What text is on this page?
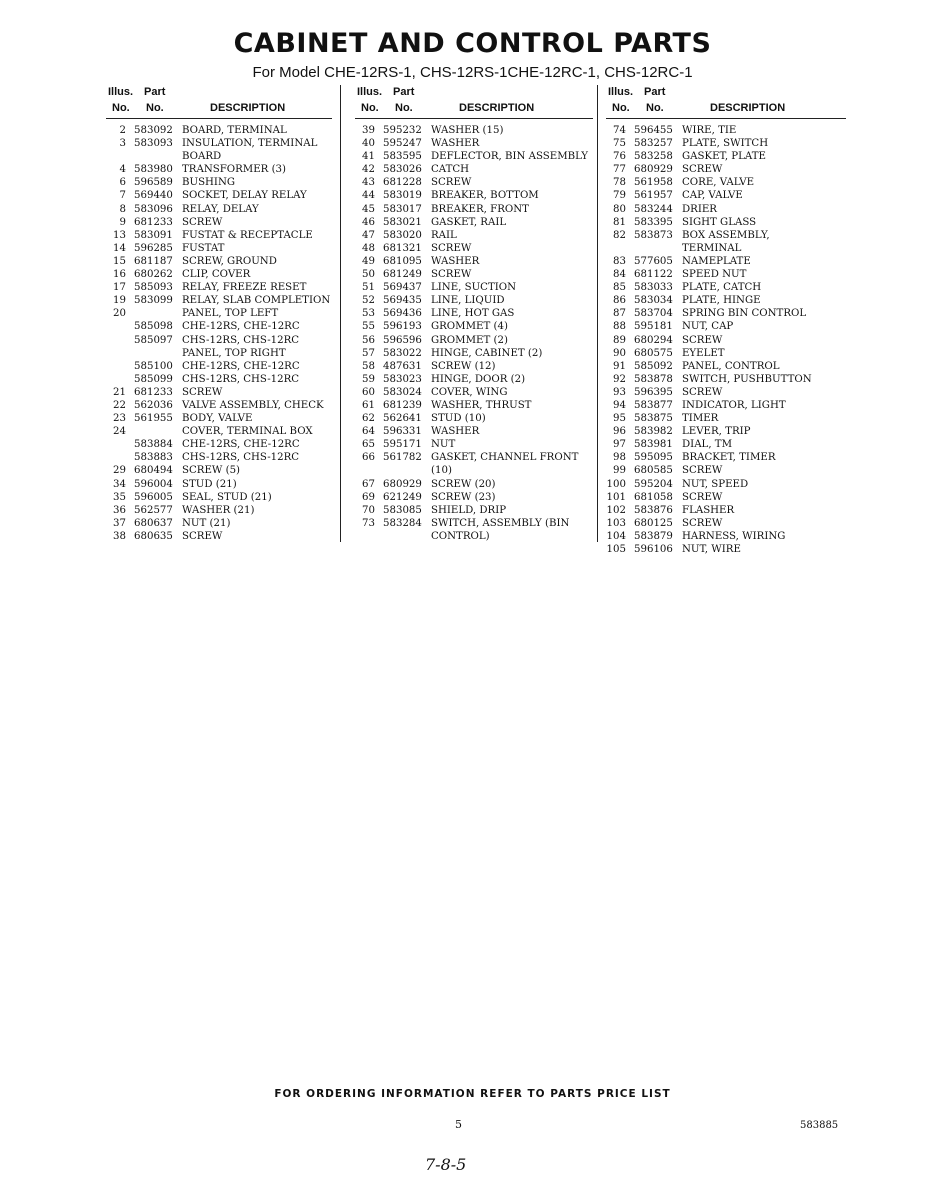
CABINET AND CONTROL PARTS
For Model CHE-12RS-1, CHS-12RS-1CHE-12RC-1, CHS-12RC-1
Illus. Part
No. No.	DESCRIPTION
2 583092 BOARD, TERMINAL
3 583093 INSULATION, TERMINAL
BOARD
4 583980 TRANSFORMER (3)
6 596589 BUSHING
7 569440 SOCKET, DELAY RELAY
8 583096 RELAY, DELAY
9 681233 SCREW
13 583091 FUSTAT & RECEPTACLE
14 596285 FUSTAT
15 681187 SCREW, GROUND
16 680262 CLIP, COVER
17 585093 RELAY, FREEZE RESET
19 583099 RELAY, SLAB COMPLETION
20	PANEL, TOP LEFT
585098 CHE-12RS, CHE-12RC
585097 CHS-12RS, CHS-12RC
PANEL, TOP RIGHT
585100 CHE-12RS, CHE-12RC
585099 CHS-12RS, CHS-12RC
21 681233 SCREW
22 562036 VALVE ASSEMBLY, CHECK
23 561955 BODY, VALVE
24	COVER, TERMINAL BOX
583884 CHE-12RS, CHE-12RC
583883 CHS-12RS, CHS-12RC
29 680494 SCREW (5)
34 596004 STUD (21)
35 596005 SEAL, STUD (21)
36 562577 WASHER (21)
37 680637 NUT (21)
38 680635 SCREW
Illus. Part
No. No.	DESCRIPTION
39 595232 WASHER (15)
40 595247 WASHER
41 583595 DEFLECTOR, BIN ASSEMBLY
42 583026 CATCH
43 681228 SCREW
44 583019 BREAKER, BOTTOM
45 583017 BREAKER, FRONT
46 583021 GASKET, RAIL
47 583020 RAIL
48 681321 SCREW
49 681095 WASHER
50 681249 SCREW
51 569437 LINE, SUCTION
52 569435 LINE, LIQUID
53 569436 LINE, HOT GAS
55 596193 GROMMET (4)
56 596596 GROMMET (2)
57 583022 HINGE, CABINET (2)
58 487631 SCREW (12)
59 583023 HINGE, DOOR (2)
60 583024 COVER, WING
61 681239 WASHER, THRUST
62 562641 STUD (10)
64 596331 WASHER
65 595171 NUT
66 561782 GASKET, CHANNEL FRONT
(10)
67 680929 SCREW (20)
69 621249 SCREW (23)
70 583085 SHIELD, DRIP
73 583284 SWITCH, ASSEMBLY (BIN
CONTROL)
Illus. Part
No. No.	DESCRIPTION
74 596455 WIRE, TIE
75 583257 PLATE, SWITCH
76 583258 GASKET, PLATE
77 680929 SCREW
78 561958 CORE, VALVE
79 561957 CAP, VALVE
80 583244 DRIER
81 583395 SIGHT GLASS
82 583873 BOX ASSEMBLY,
TERMINAL
83 577605 NAMEPLATE
84 681122 SPEED NUT
85 583033 PLATE, CATCH
86 583034 PLATE, HINGE
87 583704 SPRING BIN CONTROL
88 595181 NUT, CAP
89 680294 SCREW
90 680575 EYELET
91 585092 PANEL, CONTROL
92 583878 SWITCH, PUSHBUTTON
93 596395 SCREW
94 583877 INDICATOR, LIGHT
95 583875 TIMER
96 583982 LEVER, TRIP
97 583981 DIAL, TM
98 595095 BRACKET, TIMER
99 680585 SCREW
100 595204 NUT, SPEED
101 681058 SCREW
102 583876 FLASHER
103 680125 SCREW
104 583879 HARNESS, WIRING
105 596106 NUT, WIRE
FOR ORDERING INFORMATION REFER TO PARTS PRICE LIST
5	583885
7-8-5
